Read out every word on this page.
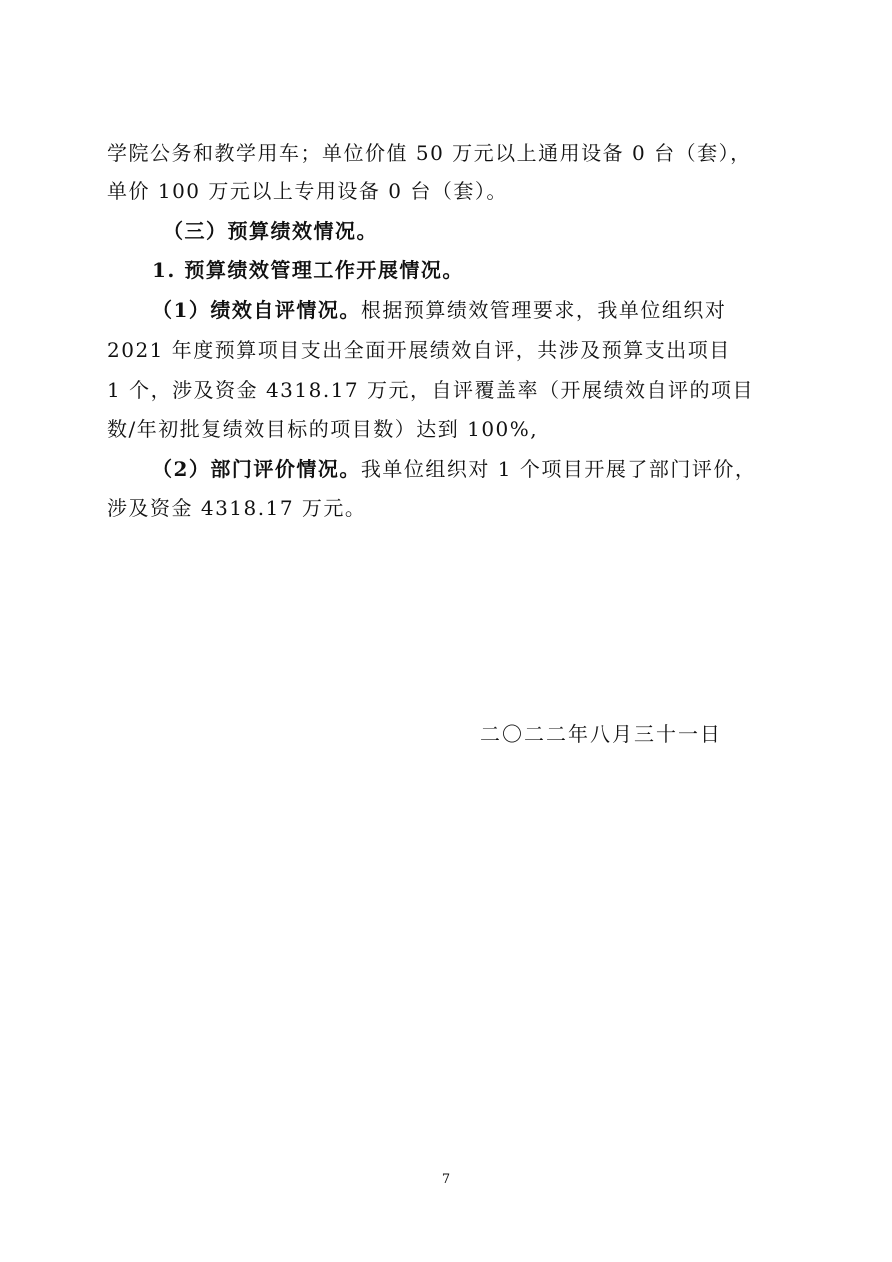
学院公务和教学用车；单位价值 50 万元以上通用设备 0 台（套），
单价 100 万元以上专用设备 0 台（套）。
（三）预算绩效情况。
1. 预算绩效管理工作开展情况。
（1）绩效自评情况。根据预算绩效管理要求，我单位组织对
2021 年度预算项目支出全面开展绩效自评，共涉及预算支出项目
1 个，涉及资金 4318.17 万元，自评覆盖率（开展绩效自评的项目
数/年初批复绩效目标的项目数）达到 100%,
（2）部门评价情况。我单位组织对 1 个项目开展了部门评价，
涉及资金 4318.17 万元。
二〇二二年八月三十一日
7
